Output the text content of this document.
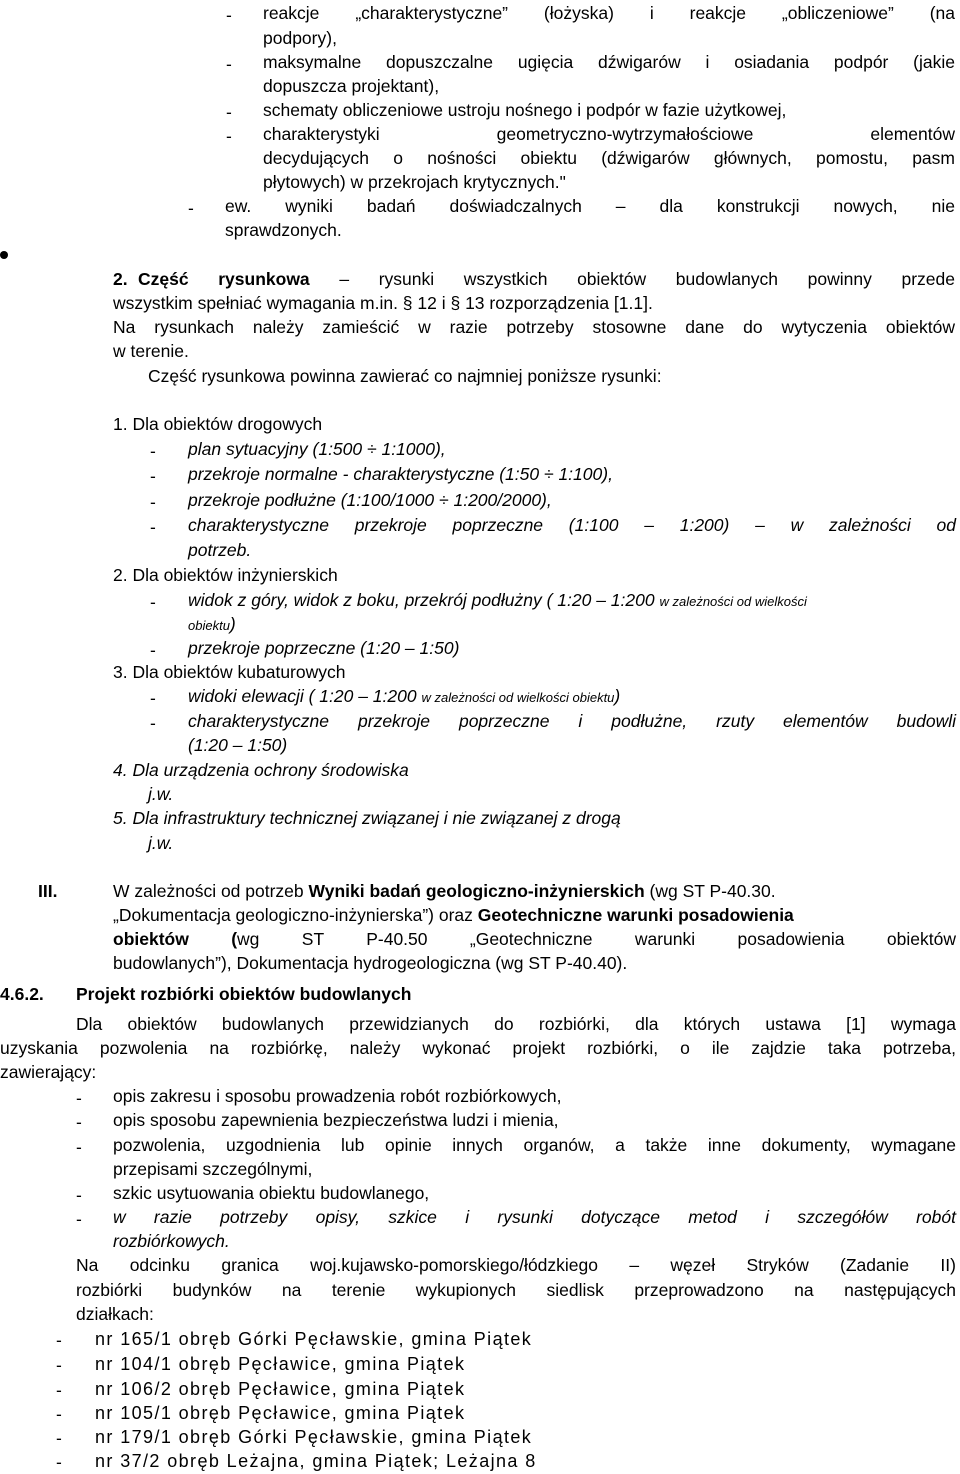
- reakcje „charakterystyczne” (łożyska) i reakcje „obliczeniowe” (na
podpory),
- maksymalne dopuszczalne ugięcia dźwigarów i osiadania podpór (jakie
dopuszcza projektant),
- schematy obliczeniowe ustroju nośnego i podpór w fazie użytkowej,
- charakterystyki geometryczno-wytrzymałościowe elementów
decydujących o nośności obiektu (dźwigarów głównych, pomostu, pasm
płytowych) w przekrojach krytycznych."
- ew. wyniki badań doświadczalnych – dla konstrukcji nowych, nie
sprawdzonych.
2. Część rysunkowa – rysunki wszystkich obiektów budowlanych powinny przede
wszystkim spełniać wymagania m.in. § 12 i § 13 rozporządzenia [1.1].
Na rysunkach należy zamieścić w razie potrzeby stosowne dane do wytyczenia obiektów
w terenie.
Część rysunkowa powinna zawierać co najmniej poniższe rysunki:
1. Dla obiektów drogowych
- plan sytuacyjny (1:500 ÷ 1:1000),
- przekroje normalne - charakterystyczne (1:50 ÷ 1:100),
- przekroje podłużne (1:100/1000 ÷ 1:200/2000),
- charakterystyczne przekroje poprzeczne (1:100 – 1:200) – w zależności od
potrzeb.
2. Dla obiektów inżynierskich
- widok z góry, widok z boku, przekrój podłużny ( 1:20 – 1:200 w zależności od wielkości
obiektu)
- przekroje poprzeczne (1:20 – 1:50)
3. Dla obiektów kubaturowych
- widoki elewacji ( 1:20 – 1:200 w zależności od wielkości obiektu)
- charakterystyczne przekroje poprzeczne i podłużne, rzuty elementów budowli
(1:20 – 1:50)
4. Dla urządzenia ochrony środowiska
j.w.
5. Dla infrastruktury technicznej związanej i nie związanej z drogą
j.w.
III.	W zależności od potrzeb Wyniki badań geologiczno-inżynierskich (wg ST P-40.30.
„Dokumentacja geologiczno-inżynierska”) oraz Geotechniczne warunki posadowienia
obiektów (wg ST P-40.50 „Geotechniczne warunki posadowienia obiektów
budowlanych”), Dokumentacja hydrogeologiczna (wg ST P-40.40).
4.6.2. Projekt rozbiórki obiektów budowlanych
Dla obiektów budowlanych przewidzianych do rozbiórki, dla których ustawa [1] wymaga
uzyskania pozwolenia na rozbiórkę, należy wykonać projekt rozbiórki, o ile zajdzie taka potrzeba,
zawierający:
- opis zakresu i sposobu prowadzenia robót rozbiórkowych,
- opis sposobu zapewnienia bezpieczeństwa ludzi i mienia,
- pozwolenia, uzgodnienia lub opinie innych organów, a także inne dokumenty, wymagane
przepisami szczególnymi,
- szkic usytuowania obiektu budowlanego,
- w razie potrzeby opisy, szkice i rysunki dotyczące metod i szczegółów robót
rozbiórkowych.
Na odcinku granica woj.kujawsko-pomorskiego/łódzkiego – węzeł Stryków (Zadanie II)
rozbiórki budynków na terenie wykupionych siedlisk przeprowadzono na następujących
działkach:
- nr 165/1 obręb Górki Pęcławskie, gmina Piątek
- nr 104/1 obręb Pęcławice, gmina Piątek
- nr 106/2 obręb Pęcławice, gmina Piątek
- nr 105/1 obręb Pęcławice, gmina Piątek
- nr 179/1 obręb Górki Pęcławskie, gmina Piątek
- nr 37/2 obręb Leżajna, gmina Piątek; Leżajna 8
